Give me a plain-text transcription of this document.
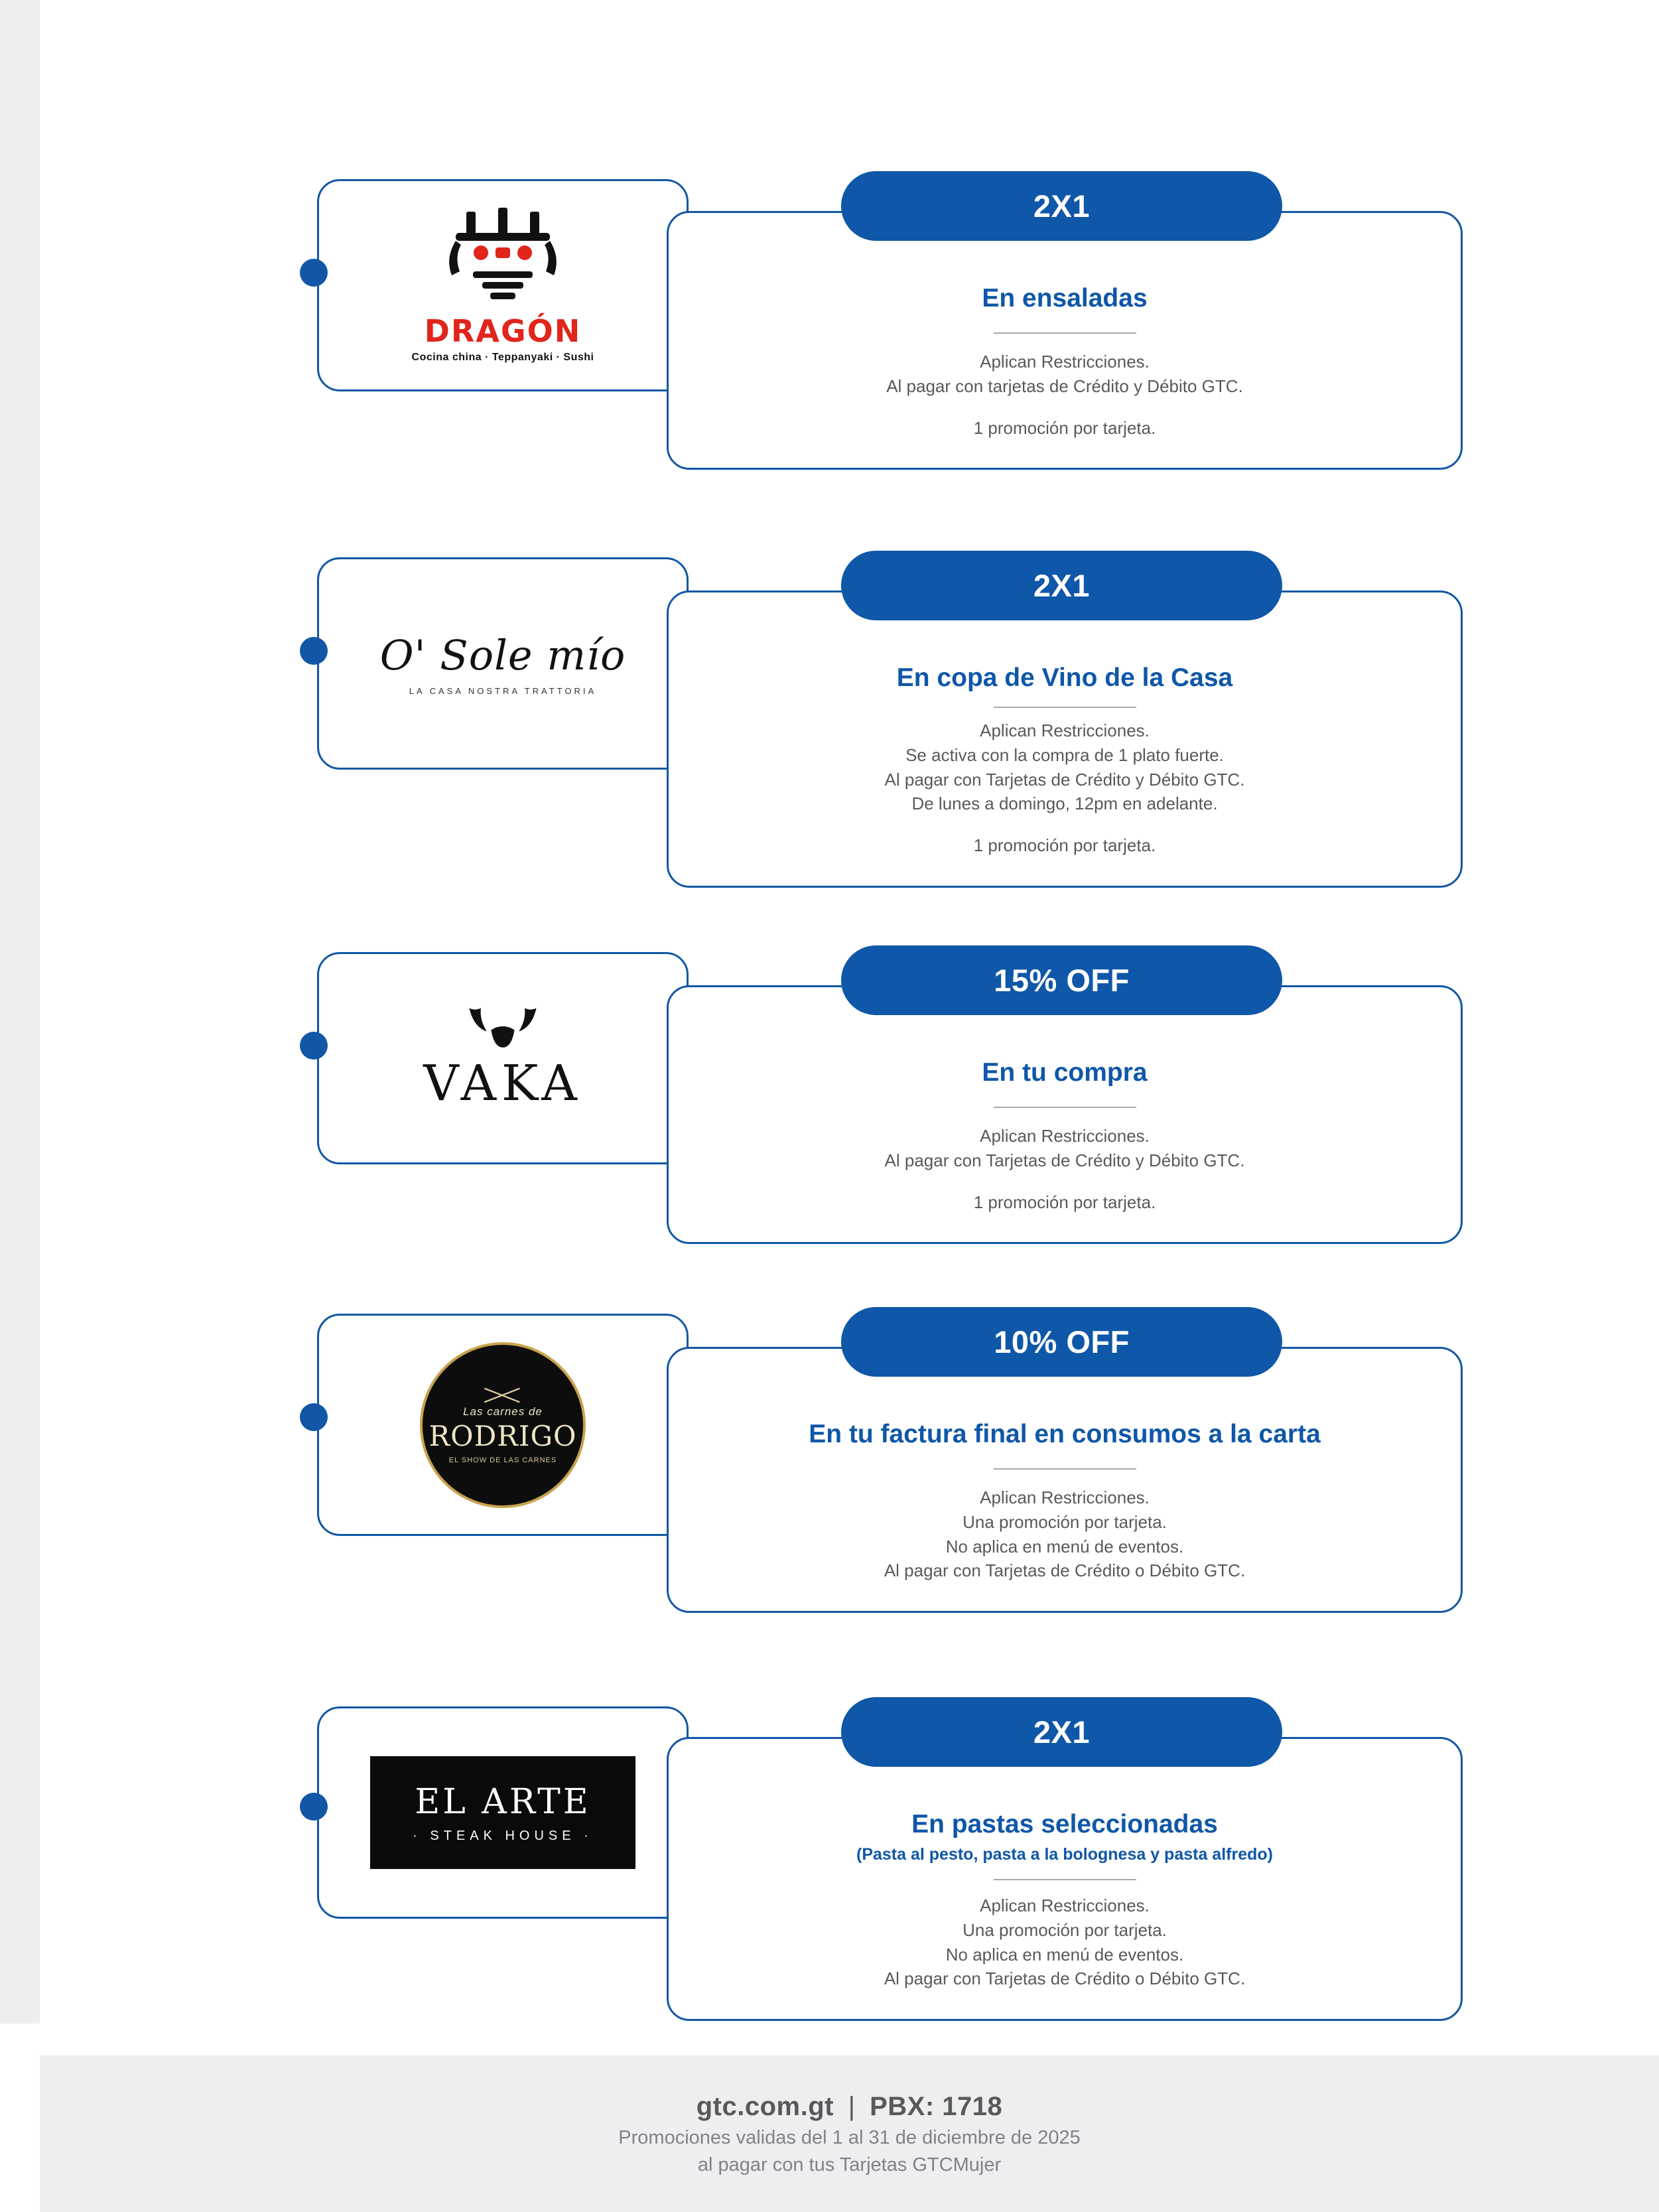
DRAGÓN
Cocina china · Teppanyaki · Sushi
2X1
En ensaladas
Aplican Restricciones.
Al pagar con tarjetas de Crédito y Débito GTC.
1 promoción por tarjeta.
O' Sole mío
LA CASA NOSTRA TRATTORIA
2X1
En copa de Vino de la Casa
Aplican Restricciones.
Se activa con la compra de 1 plato fuerte.
Al pagar con Tarjetas de Crédito y Débito GTC.
De lunes a domingo, 12pm en adelante.
1 promoción por tarjeta.
VAKA
15% OFF
En tu compra
Aplican Restricciones.
Al pagar con Tarjetas de Crédito y Débito GTC.
1 promoción por tarjeta.
Las carnes de
RODRIGO
EL SHOW DE LAS CARNES
10% OFF
En tu factura final en consumos a la carta
Aplican Restricciones.
Una promoción por tarjeta.
No aplica en menú de eventos.
Al pagar con Tarjetas de Crédito o Débito GTC.
EL ARTE
· STEAK HOUSE ·
2X1
En pastas seleccionadas
(Pasta al pesto, pasta a la bolognesa y pasta alfredo)
Aplican Restricciones.
Una promoción por tarjeta.
No aplica en menú de eventos.
Al pagar con Tarjetas de Crédito o Débito GTC.
gtc.com.gt | PBX: 1718
Promociones validas del 1 al 31 de diciembre de 2025
al pagar con tus Tarjetas GTCMujer
